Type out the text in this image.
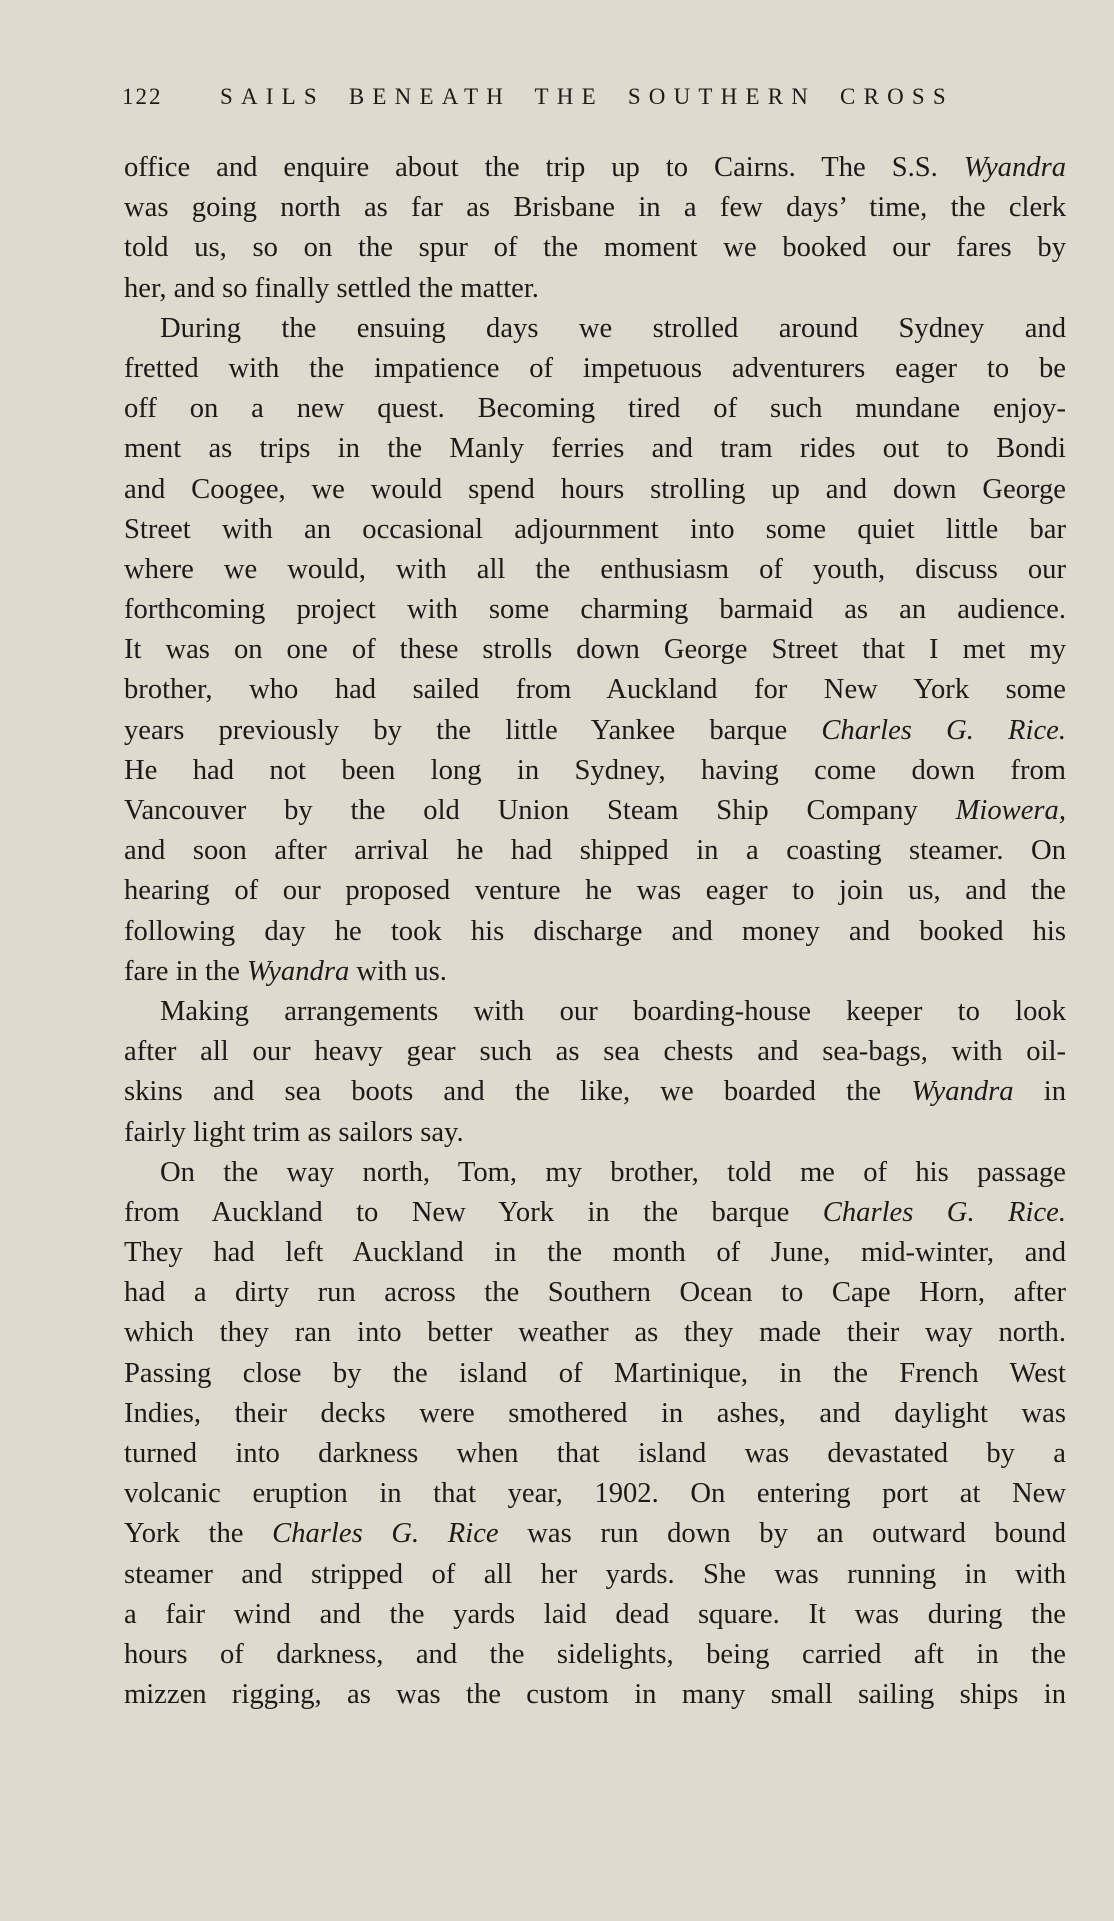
122	SAILS BENEATH THE SOUTHERN CROSS
office and enquire about the trip up to Cairns. The S.S. Wyandra
was going north as far as Brisbane in a few days’ time, the clerk
told us, so on the spur of the moment we booked our fares by
her, and so finally settled the matter.
During the ensuing days we strolled around Sydney and
fretted with the impatience of impetuous adventurers eager to be
off on a new quest. Becoming tired of such mundane enjoy-
ment as trips in the Manly ferries and tram rides out to Bondi
and Coogee, we would spend hours strolling up and down George
Street with an occasional adjournment into some quiet little bar
where we would, with all the enthusiasm of youth, discuss our
forthcoming project with some charming barmaid as an audience.
It was on one of these strolls down George Street that I met my
brother, who had sailed from Auckland for New York some
years previously by the little Yankee barque Charles G. Rice.
He had not been long in Sydney, having come down from
Vancouver by the old Union Steam Ship Company Miowera,
and soon after arrival he had shipped in a coasting steamer. On
hearing of our proposed venture he was eager to join us, and the
following day he took his discharge and money and booked his
fare in the Wyandra with us.
Making arrangements with our boarding-house keeper to look
after all our heavy gear such as sea chests and sea-bags, with oil-
skins and sea boots and the like, we boarded the Wyandra in
fairly light trim as sailors say.
On the way north, Tom, my brother, told me of his passage
from Auckland to New York in the barque Charles G. Rice.
They had left Auckland in the month of June, mid-winter, and
had a dirty run across the Southern Ocean to Cape Horn, after
which they ran into better weather as they made their way north.
Passing close by the island of Martinique, in the French West
Indies, their decks were smothered in ashes, and daylight was
turned into darkness when that island was devastated by a
volcanic eruption in that year, 1902. On entering port at New
York the Charles G. Rice was run down by an outward bound
steamer and stripped of all her yards. She was running in with
a fair wind and the yards laid dead square. It was during the
hours of darkness, and the sidelights, being carried aft in the
mizzen rigging, as was the custom in many small sailing ships in
